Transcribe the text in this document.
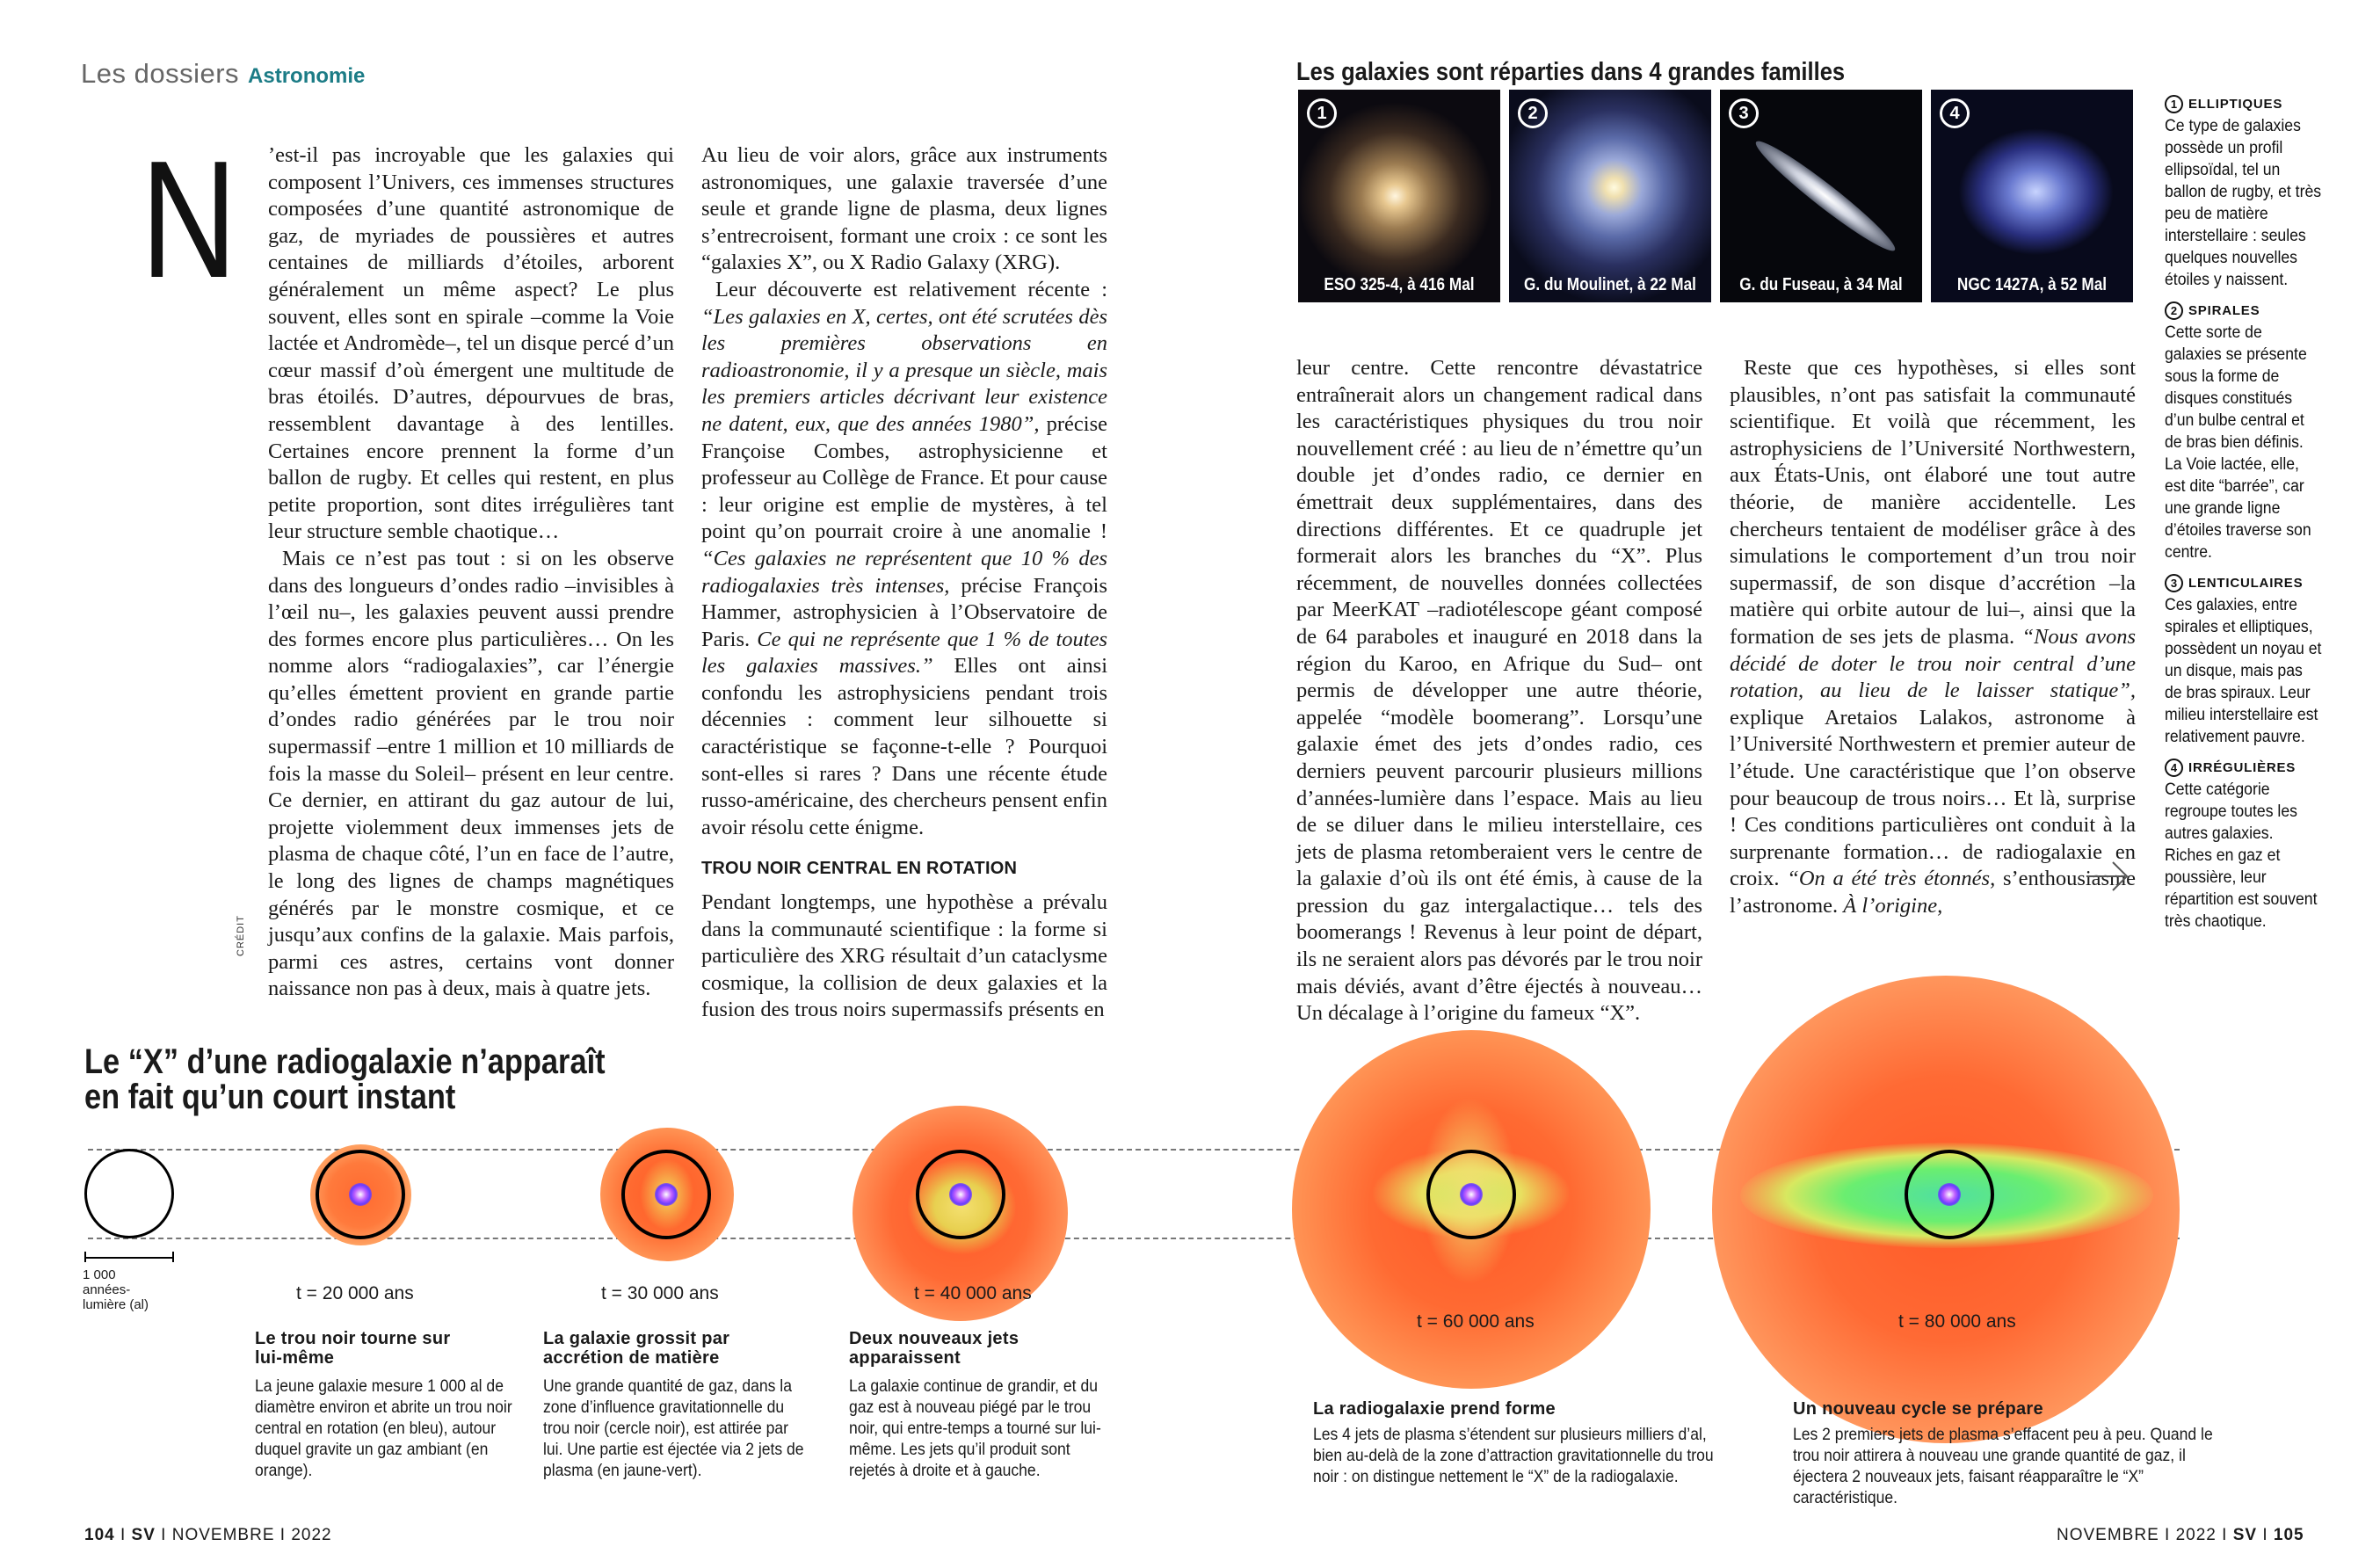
Les dossiers Astronomie
N
CRÉDIT

’est-il pas incroyable que les galaxies qui composent l’Univers, ces immenses structures composées d’une quantité astronomique de gaz, de myriades de poussières et autres centaines de milliards d’étoiles, arborent généralement un même aspect? Le plus souvent, elles sont en spirale –comme la Voie lactée et Andromède–, tel un disque percé d’un cœur massif d’où émergent une multitude de bras étoilés. D’autres, dépourvues de bras, ressemblent davantage à des lentilles. Certaines encore prennent la forme d’un ballon de rugby. Et celles qui restent, en plus petite proportion, sont dites irrégulières tant leur structure semble chaotique…

Mais ce n’est pas tout : si on les observe dans des longueurs d’ondes radio –invisibles à l’œil nu–, les galaxies peuvent aussi prendre des formes encore plus particulières… On les nomme alors “radiogalaxies”, car l’énergie qu’elles émettent provient en grande partie d’ondes radio générées par le trou noir supermassif –entre 1 million et 10 milliards de fois la masse du Soleil– présent en leur centre. Ce dernier, en attirant du gaz autour de lui, projette violemment deux immenses jets de plasma de chaque côté, l’un en face de l’autre, le long des lignes de champs magnétiques générés par le monstre cosmique, et ce jusqu’aux confins de la galaxie. Mais parfois, parmi ces astres, certains vont donner naissance non pas à deux, mais à quatre jets.

Au lieu de voir alors, grâce aux instruments astronomiques, une galaxie traversée d’une seule et grande ligne de plasma, deux lignes s’entrecroisent, formant une croix : ce sont les “galaxies X”, ou X Radio Galaxy (XRG).

Leur découverte est relativement récente : “Les galaxies en X, certes, ont été scrutées dès les premières observations en radioastronomie, il y a presque un siècle, mais les premiers articles décrivant leur existence ne datent, eux, que des années 1980”, précise Françoise Combes, astrophysicienne et professeur au Collège de France. Et pour cause : leur origine est emplie de mystères, à tel point qu’on pourrait croire à une anomalie ! “Ces galaxies ne représentent que 10 % des radiogalaxies très intenses, précise François Hammer, astrophysicien à l’Observatoire de Paris. Ce qui ne représente que 1 % de toutes les galaxies massives.” Elles ont ainsi confondu les astrophysiciens pendant trois décennies : comment leur silhouette si caractéristique se façonne-t-elle ? Pourquoi sont-elles si rares ? Dans une récente étude russo-américaine, des chercheurs pensent enfin avoir résolu cette énigme.

TROU NOIR CENTRAL EN ROTATION

Pendant longtemps, une hypothèse a prévalu dans la communauté scientifique : la forme si particulière des XRG résultait d’un cataclysme cosmique, la collision de deux galaxies et la fusion des trous noirs supermassifs présents en

Les galaxies sont réparties dans 4 grandes familles
1
ESO 325-4, à 416 Mal
2
G. du Moulinet, à 22 Mal
3
G. du Fuseau, à 34 Mal
4
NGC 1427A, à 52 Mal
1 ELLIPTIQUES
Ce type de galaxies possède un profil ellipsoïdal, tel un ballon de rugby, et très peu de matière interstellaire : seules quelques nouvelles étoiles y naissent.
2 SPIRALES
Cette sorte de galaxies se présente sous la forme de disques constitués d’un bulbe central et de bras bien définis. La Voie lactée, elle, est dite “barrée”, car une grande ligne d’étoiles traverse son centre.
3 LENTICULAIRES
Ces galaxies, entre spirales et elliptiques, possèdent un noyau et un disque, mais pas de bras spiraux. Leur milieu interstellaire est relativement pauvre.
4 IRRÉGULIÈRES
Cette catégorie regroupe toutes les autres galaxies. Riches en gaz et poussière, leur répartition est souvent très chaotique.

leur centre. Cette rencontre dévastatrice entraînerait alors un changement radical dans les caractéristiques physiques du trou noir nouvellement créé : au lieu de n’émettre qu’un double jet d’ondes radio, ce dernier en émettrait deux supplémentaires, dans des directions différentes. Et ce quadruple jet formerait alors les branches du “X”. Plus récemment, de nouvelles données collectées par MeerKAT –radiotélescope géant composé de 64 paraboles et inauguré en 2018 dans la région du Karoo, en Afrique du Sud– ont permis de développer une autre théorie, appelée “modèle boomerang”. Lorsqu’une galaxie émet des jets d’ondes radio, ces derniers peuvent parcourir plusieurs millions d’années-lumière dans l’espace. Mais au lieu de se diluer dans le milieu interstellaire, ces jets de plasma retomberaient vers le centre de la galaxie d’où ils ont été émis, à cause de la pression du gaz intergalactique… tels des boomerangs ! Revenus à leur point de départ, ils ne seraient alors pas dévorés par le trou noir mais déviés, avant d’être éjectés à nouveau… Un décalage à l’origine du fameux “X”.

Reste que ces hypothèses, si elles sont plausibles, n’ont pas satisfait la communauté scientifique. Et voilà que récemment, les astrophysiciens de l’Université Northwestern, aux États-Unis, ont élaboré une tout autre théorie, de manière accidentelle. Les chercheurs tentaient de modéliser grâce à des simulations le comportement d’un trou noir supermassif, de son disque d’accrétion –la matière qui orbite autour de lui–, ainsi que la formation de ses jets de plasma. “Nous avons décidé de doter le trou noir central d’une rotation, au lieu de le laisser statique”, explique Aretaios Lalakos, astronome à l’Université Northwestern et premier auteur de l’étude. Une caractéristique que l’on observe pour beaucoup de trous noirs… Et là, surprise ! Ces conditions particulières ont conduit à la surprenante formation… de radiogalaxie en croix. “On a été très étonnés, s’enthousiasme l’astronome. À l’origine,

Le “X” d’une radiogalaxie n’apparaît
en fait qu’un court instant
1 000
années-
lumière (al)
t = 20 000 ans
Le trou noir tourne sur lui-même
La jeune galaxie mesure 1 000 al de diamètre environ et abrite un trou noir central en rotation (en bleu), autour duquel gravite un gaz ambiant (en orange).
t = 30 000 ans
La galaxie grossit par accrétion de matière
Une grande quantité de gaz, dans la zone d’influence gravitationnelle du trou noir (cercle noir), est attirée par lui. Une partie est éjectée via 2 jets de plasma (en jaune-vert).
t = 40 000 ans
Deux nouveaux jets apparaissent
La galaxie continue de grandir, et du gaz est à nouveau piégé par le trou noir, qui entre-temps a tourné sur lui-même. Les jets qu’il produit sont rejetés à droite et à gauche.
t = 60 000 ans
La radiogalaxie prend forme
Les 4 jets de plasma s’étendent sur plusieurs milliers d’al, bien au-delà de la zone d’attraction gravitationnelle du trou noir : on distingue nettement le “X” de la radiogalaxie.
t = 80 000 ans
Un nouveau cycle se prépare
Les 2 premiers jets de plasma s’effacent peu à peu. Quand le trou noir attirera à nouveau une grande quantité de gaz, il éjectera 2 nouveaux jets, faisant réapparaître le “X” caractéristique.
104 I SV I NOVEMBRE I 2022	NOVEMBRE I 2022 I SV I 105
